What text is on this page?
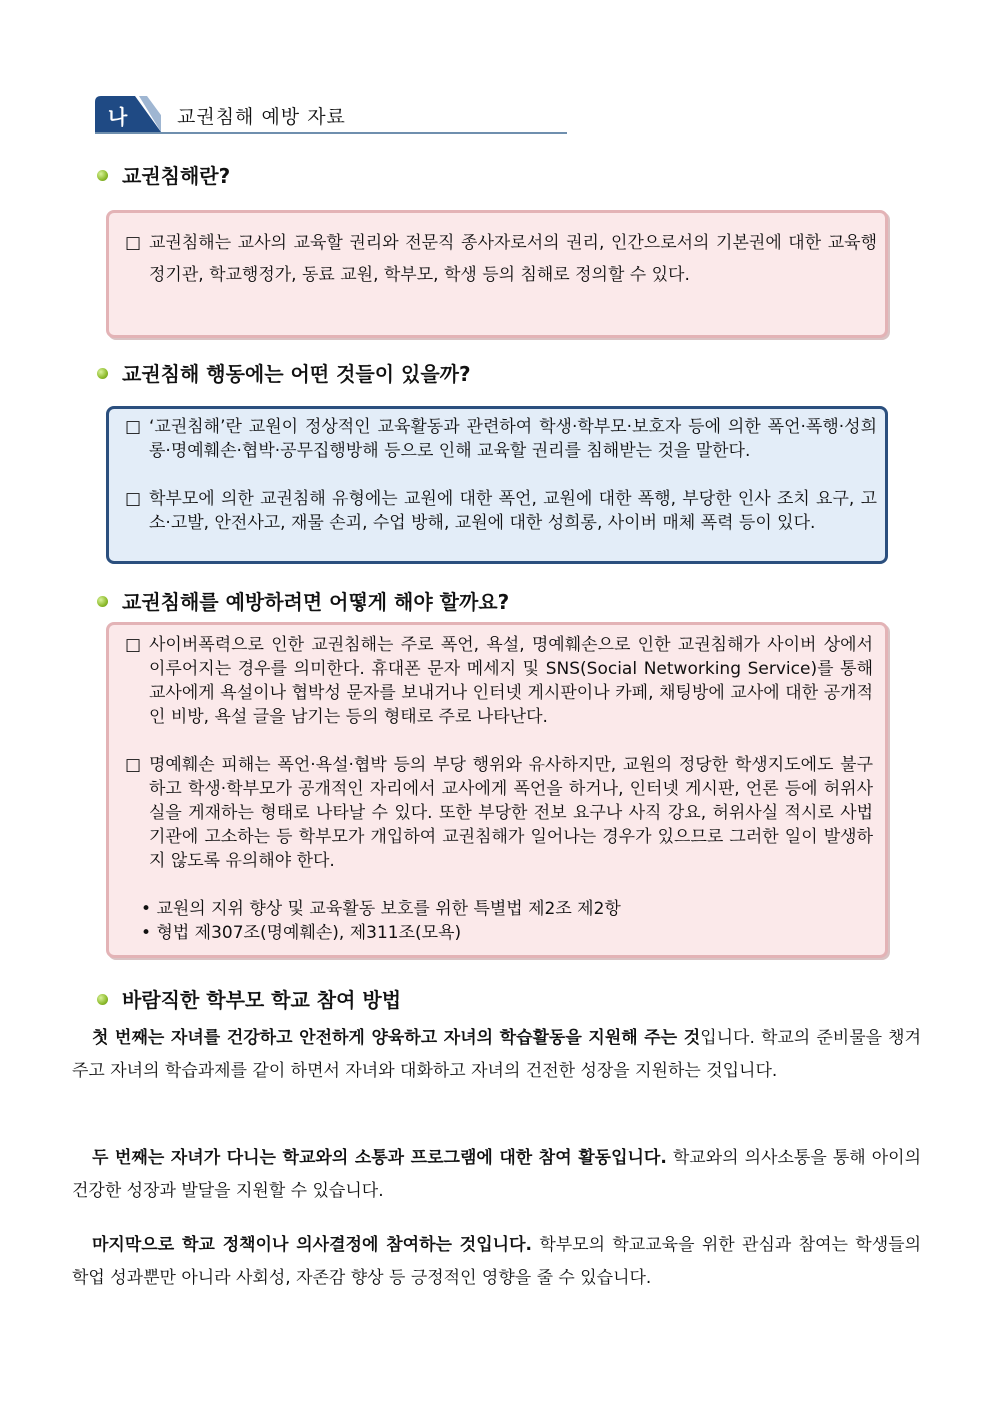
나	교권침해 예방 자료
교권침해란?
□ 교권침해는 교사의 교육할 권리와 전문직 종사자로서의 권리, 인간으로서의 기본권에 대한 교육행정기관, 학교행정가, 동료 교원, 학부모, 학생 등의 침해로 정의할 수 있다.
교권침해 행동에는 어떤 것들이 있을까?
□ ‘교권침해’란 교원이 정상적인 교육활동과 관련하여 학생·학부모·보호자 등에 의한 폭언·폭행·성희롱·명예훼손·협박·공무집행방해 등으로 인해 교육할 권리를 침해받는 것을 말한다.
□ 학부모에 의한 교권침해 유형에는 교원에 대한 폭언, 교원에 대한 폭행, 부당한 인사 조치 요구, 고소·고발, 안전사고, 재물 손괴, 수업 방해, 교원에 대한 성희롱, 사이버 매체 폭력 등이 있다.
교권침해를 예방하려면 어떻게 해야 할까요?
□ 사이버폭력으로 인한 교권침해는 주로 폭언, 욕설, 명예훼손으로 인한 교권침해가 사이버 상에서 이루어지는 경우를 의미한다. 휴대폰 문자 메세지 및 SNS(Social Networking Service)를 통해 교사에게 욕설이나 협박성 문자를 보내거나 인터넷 게시판이나 카페, 채팅방에 교사에 대한 공개적인 비방, 욕설 글을 남기는 등의 형태로 주로 나타난다.
□ 명예훼손 피해는 폭언·욕설·협박 등의 부당 행위와 유사하지만, 교원의 정당한 학생지도에도 불구하고 학생·학부모가 공개적인 자리에서 교사에게 폭언을 하거나, 인터넷 게시판, 언론 등에 허위사실을 게재하는 형태로 나타날 수 있다. 또한 부당한 전보 요구나 사직 강요, 허위사실 적시로 사법기관에 고소하는 등 학부모가 개입하여 교권침해가 일어나는 경우가 있으므로 그러한 일이 발생하지 않도록 유의해야 한다.
• 교원의 지위 향상 및 교육활동 보호를 위한 특별법 제2조 제2항
• 형법 제307조(명예훼손), 제311조(모욕)
바람직한 학부모 학교 참여 방법

첫 번째는 자녀를 건강하고 안전하게 양육하고 자녀의 학습활동을 지원해 주는 것입니다. 학교의 준비물을 챙겨주고 자녀의 학습과제를 같이 하면서 자녀와 대화하고 자녀의 건전한 성장을 지원하는 것입니다.

두 번째는 자녀가 다니는 학교와의 소통과 프로그램에 대한 참여 활동입니다. 학교와의 의사소통을 통해 아이의 건강한 성장과 발달을 지원할 수 있습니다.

마지막으로 학교 정책이나 의사결정에 참여하는 것입니다. 학부모의 학교교육을 위한 관심과 참여는 학생들의 학업 성과뿐만 아니라 사회성, 자존감 향상 등 긍정적인 영향을 줄 수 있습니다.
